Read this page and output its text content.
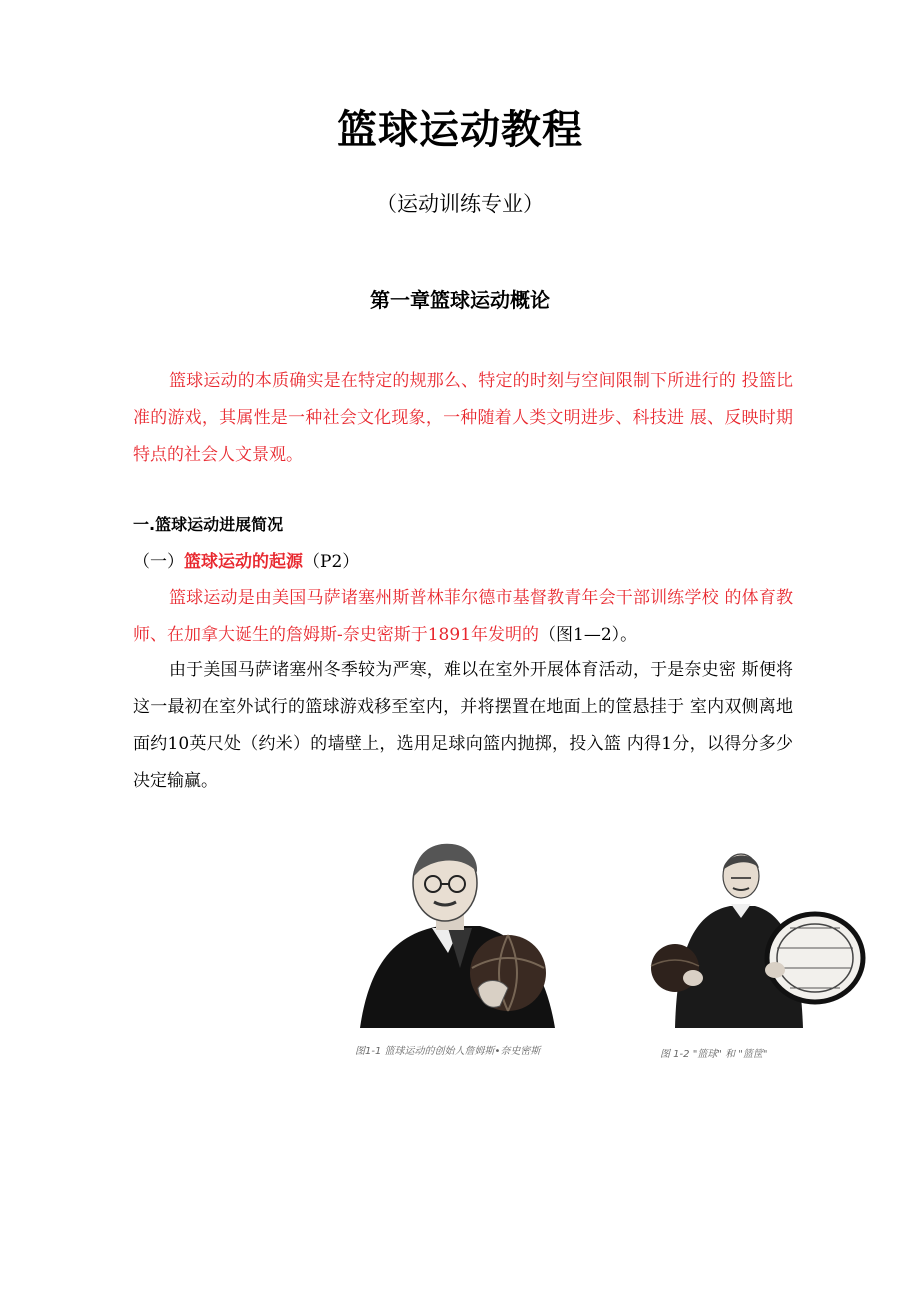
篮球运动教程
（运动训练专业）
第一章篮球运动概论

篮球运动的本质确实是在特定的规那么、特定的时刻与空间限制下所进行的 投篮比准的游戏，其属性是一种社会文化现象，一种随着人类文明进步、科技进 展、反映时期特点的社会人文景观。

一.篮球运动进展简况
（一）篮球运动的起源（P2）

篮球运动是由美国马萨诸塞州斯普林菲尔德市基督教青年会干部训练学校 的体育教师、在加拿大诞生的詹姆斯-奈史密斯于1891年发明的（图1—2）。

由于美国马萨诸塞州冬季较为严寒，难以在室外开展体育活动，于是奈史密 斯便将这一最初在室外试行的篮球游戏移至室内，并将摆置在地面上的筐悬挂于 室内双侧离地面约10英尺处（约米）的墙壁上，选用足球向篮内抛掷，投入篮 内得1分，以得分多少决定输赢。

图1-1 篮球运动的创始人詹姆斯•奈史密斯	图 1-2 "篮球" 和 "篮筐"
